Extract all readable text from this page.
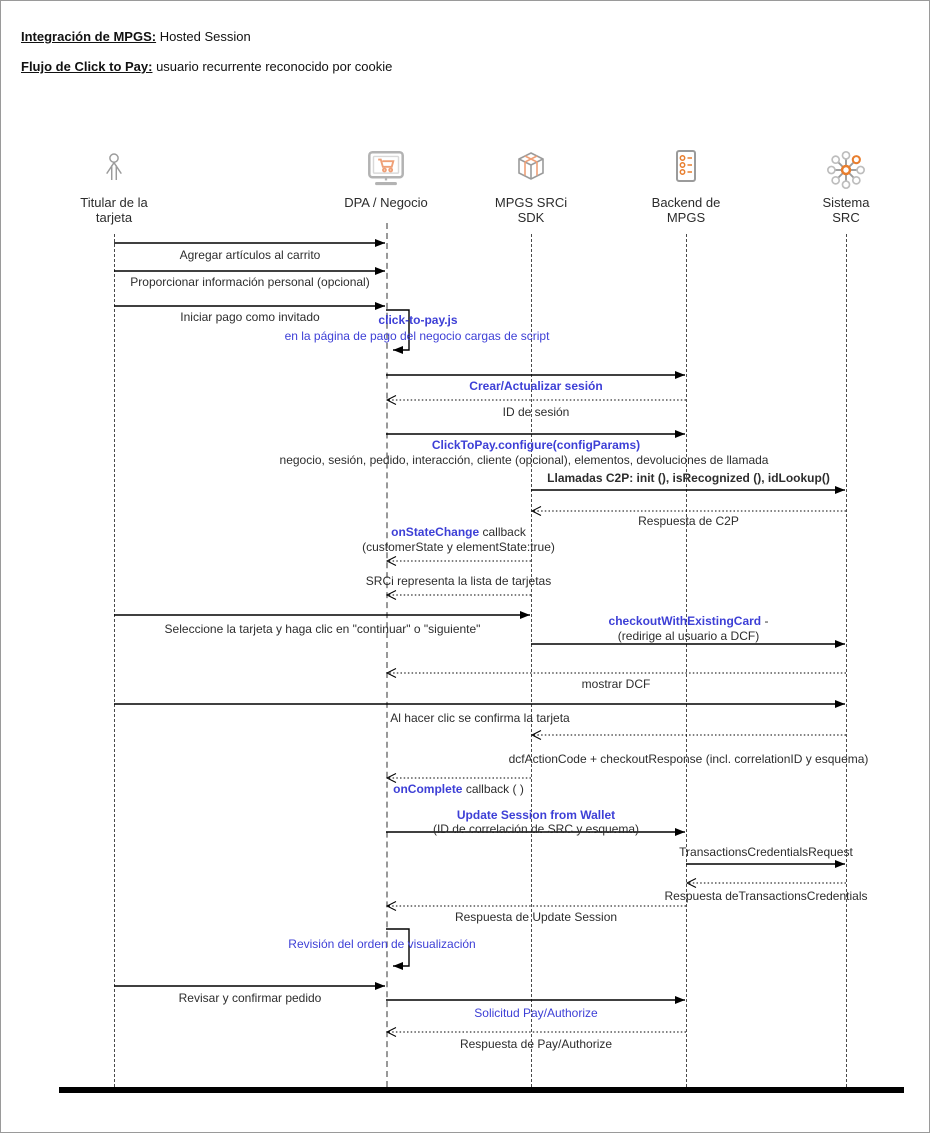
Integración de MPGS: Hosted Session
Flujo de Click to Pay: usuario recurrente reconocido por cookie
Titular de la
tarjeta
DPA / Negocio	MPGS SRCi
SDK
Backend de
MPGS
Sistema
SRC
Agregar artículos al carrito
Proporcionar información personal (opcional)
Iniciar pago como invitado	click-to-pay.js
en la página de pago del negocio cargas de script
Crear/Actualizar sesión
ID de sesión
ClickToPay.configure(configParams)
negocio, sesión, pedido, interacción, cliente (opcional), elementos, devoluciones de llamada
Llamadas C2P: init (), isRecognized (), idLookup()
Respuesta de C2P
onStateChange callback
(customerState y elementState:true)
SRCi representa la lista de tarjetas
Seleccione la tarjeta y haga clic en "continuar" o "siguiente"
checkoutWithExistingCard -
(redirige al usuario a DCF)
mostrar DCF
Al hacer clic se confirma la tarjeta
dcfActionCode + checkoutResponse (incl. correlationID y esquema)
onComplete callback ( )
Update Session from Wallet
(ID de correlación de SRC y esquema)
TransactionsCredentialsRequest
Respuesta deTransactionsCredentials
Respuesta de Update Session
Revisión del orden de visualización
Revisar y confirmar pedido
Solicitud Pay/Authorize
Respuesta de Pay/Authorize
